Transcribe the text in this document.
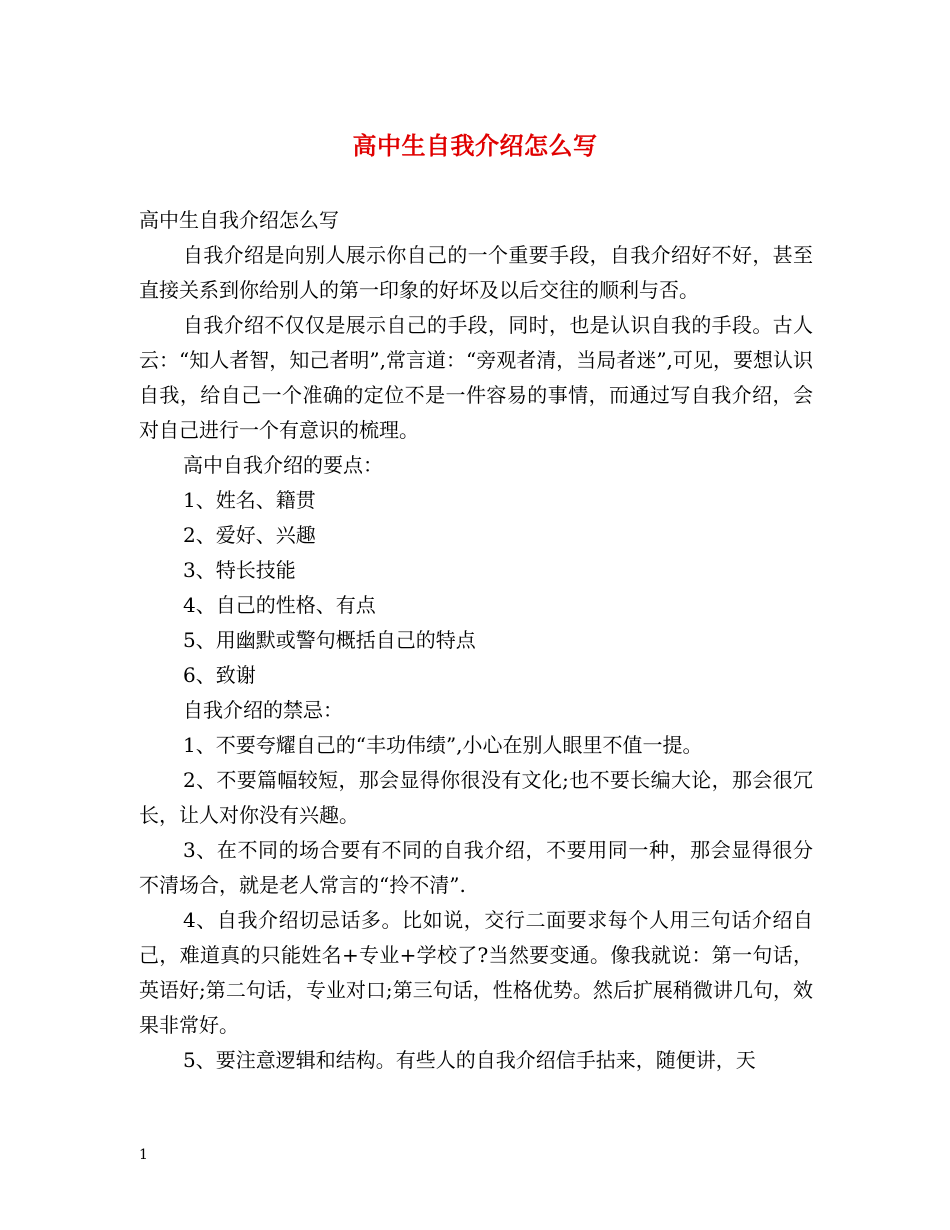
高中生自我介绍怎么写

高中生自我介绍怎么写

自我介绍是向别人展示你自己的一个重要手段，自我介绍好不好，甚至直接关系到你给别人的第一印象的好坏及以后交往的顺利与否。

自我介绍不仅仅是展示自己的手段，同时，也是认识自我的手段。古人云：“知人者智，知己者明”,常言道：“旁观者清，当局者迷”,可见，要想认识自我，给自己一个准确的定位不是一件容易的事情，而通过写自我介绍，会对自己进行一个有意识的梳理。

高中自我介绍的要点：

1、姓名、籍贯

2、爱好、兴趣

3、特长技能

4、自己的性格、有点

5、用幽默或警句概括自己的特点

6、致谢

自我介绍的禁忌：

1、不要夸耀自己的“丰功伟绩”,小心在别人眼里不值一提。

2、不要篇幅较短，那会显得你很没有文化;也不要长编大论，那会很冗长，让人对你没有兴趣。

3、在不同的场合要有不同的自我介绍，不要用同一种，那会显得很分不清场合，就是老人常言的“拎不清”.

4、自我介绍切忌话多。比如说，交行二面要求每个人用三句话介绍自己，难道真的只能姓名+专业+学校了?当然要变通。像我就说：第一句话，英语好;第二句话，专业对口;第三句话，性格优势。然后扩展稍微讲几句，效果非常好。

5、要注意逻辑和结构。有些人的自我介绍信手拈来，随便讲，天

1
